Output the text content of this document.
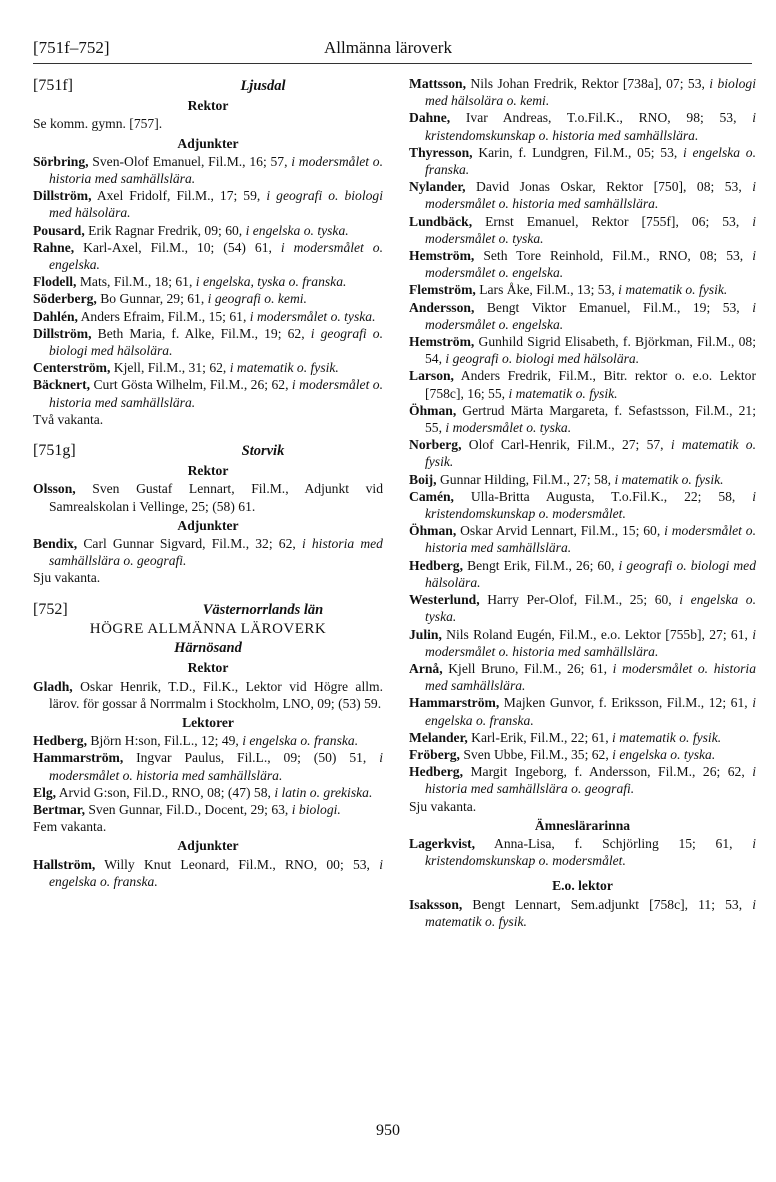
Allmänna läroverk
[751f–752]
[751f]	Ljusdal
Rektor
Se komm. gymn. [757].
Adjunkter
Sörbring, Sven-Olof Emanuel, Fil.M., 16; 57, i modersmålet o. historia med samhällslära.
Dillström, Axel Fridolf, Fil.M., 17; 59, i geografi o. biologi med hälsolära.
Pousard, Erik Ragnar Fredrik, 09; 60, i engelska o. tyska.
Rahne, Karl-Axel, Fil.M., 10; (54) 61, i modersmålet o. engelska.
Flodell, Mats, Fil.M., 18; 61, i engelska, tyska o. franska.
Söderberg, Bo Gunnar, 29; 61, i geografi o. kemi.
Dahlén, Anders Efraim, Fil.M., 15; 61, i modersmålet o. tyska.
Dillström, Beth Maria, f. Alke, Fil.M., 19; 62, i geografi o. biologi med hälsolära.
Centerström, Kjell, Fil.M., 31; 62, i matematik o. fysik.
Bäcknert, Curt Gösta Wilhelm, Fil.M., 26; 62, i modersmålet o. historia med samhällslära.
Två vakanta.
[751g]	Storvik
Rektor
Olsson, Sven Gustaf Lennart, Fil.M., Adjunkt vid Samrealskolan i Vellinge, 25; (58) 61.
Adjunkter
Bendix, Carl Gunnar Sigvard, Fil.M., 32; 62, i historia med samhällslära o. geografi.
Sju vakanta.
[752]	Västernorrlands län
HÖGRE ALLMÄNNA LÄROVERK
Härnösand
Rektor
Gladh, Oskar Henrik, T.D., Fil.K., Lektor vid Högre allm. lärov. för gossar å Norrmalm i Stockholm, LNO, 09; (53) 59.
Lektorer
Hedberg, Björn H:son, Fil.L., 12; 49, i engelska o. franska.
Hammarström, Ingvar Paulus, Fil.L., 09; (50) 51, i modersmålet o. historia med samhällslära.
Elg, Arvid G:son, Fil.D., RNO, 08; (47) 58, i latin o. grekiska.
Bertmar, Sven Gunnar, Fil.D., Docent, 29; 63, i biologi.
Fem vakanta.
Adjunkter
Hallström, Willy Knut Leonard, Fil.M., RNO, 00; 53, i engelska o. franska.
Mattsson, Nils Johan Fredrik, Rektor [738a], 07; 53, i biologi med hälsolära o. kemi.
Dahne, Ivar Andreas, T.o.Fil.K., RNO, 98; 53, i kristendomskunskap o. historia med samhällslära.
Thyresson, Karin, f. Lundgren, Fil.M., 05; 53, i engelska o. franska.
Nylander, David Jonas Oskar, Rektor [750], 08; 53, i modersmålet o. historia med samhällslära.
Lundbäck, Ernst Emanuel, Rektor [755f], 06; 53, i modersmålet o. tyska.
Hemström, Seth Tore Reinhold, Fil.M., RNO, 08; 53, i modersmålet o. engelska.
Flemström, Lars Åke, Fil.M., 13; 53, i matematik o. fysik.
Andersson, Bengt Viktor Emanuel, Fil.M., 19; 53, i modersmålet o. engelska.
Hemström, Gunhild Sigrid Elisabeth, f. Björkman, Fil.M., 08; 54, i geografi o. biologi med hälsolära.
Larson, Anders Fredrik, Fil.M., Bitr. rektor o. e.o. Lektor [758c], 16; 55, i matematik o. fysik.
Öhman, Gertrud Märta Margareta, f. Sefastsson, Fil.M., 21; 55, i modersmålet o. tyska.
Norberg, Olof Carl-Henrik, Fil.M., 27; 57, i matematik o. fysik.
Boij, Gunnar Hilding, Fil.M., 27; 58, i matematik o. fysik.
Camén, Ulla-Britta Augusta, T.o.Fil.K., 22; 58, i kristendomskunskap o. modersmålet.
Öhman, Oskar Arvid Lennart, Fil.M., 15; 60, i modersmålet o. historia med samhällslära.
Hedberg, Bengt Erik, Fil.M., 26; 60, i geografi o. biologi med hälsolära.
Westerlund, Harry Per-Olof, Fil.M., 25; 60, i engelska o. tyska.
Julin, Nils Roland Eugén, Fil.M., e.o. Lektor [755b], 27; 61, i modersmålet o. historia med samhällslära.
Arnå, Kjell Bruno, Fil.M., 26; 61, i modersmålet o. historia med samhällslära.
Hammarström, Majken Gunvor, f. Eriksson, Fil.M., 12; 61, i engelska o. franska.
Melander, Karl-Erik, Fil.M., 22; 61, i matematik o. fysik.
Fröberg, Sven Ubbe, Fil.M., 35; 62, i engelska o. tyska.
Hedberg, Margit Ingeborg, f. Andersson, Fil.M., 26; 62, i historia med samhällslära o. geografi.
Sju vakanta.
Ämneslärarinna
Lagerkvist, Anna-Lisa, f. Schjörling 15; 61, i kristendomskunskap o. modersmålet.
E.o. lektor
Isaksson, Bengt Lennart, Sem.adjunkt [758c], 11; 53, i matematik o. fysik.
950
